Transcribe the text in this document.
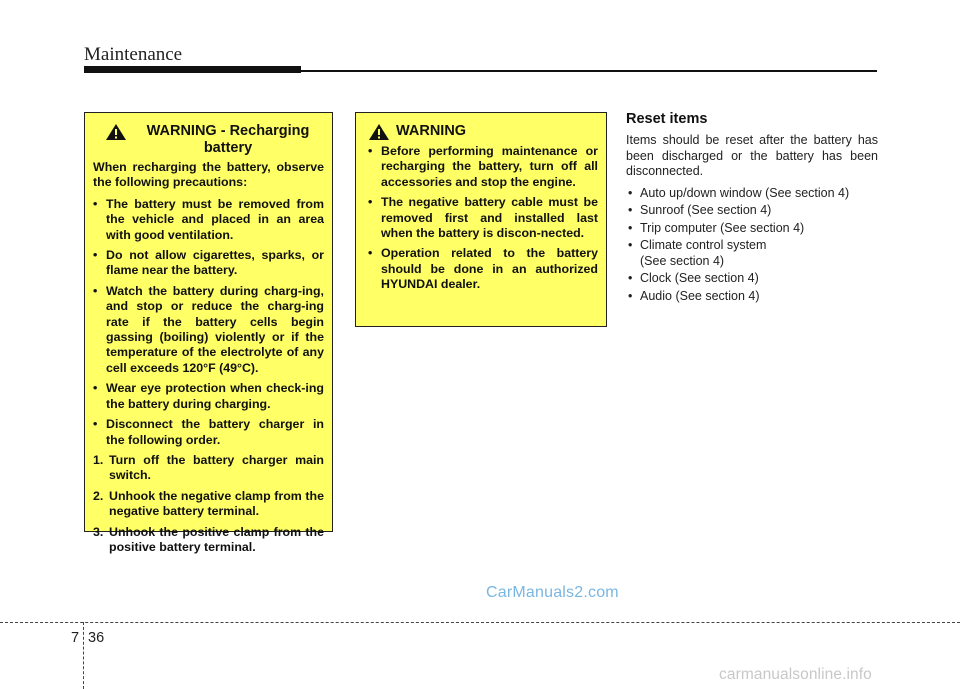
Maintenance
WARNING - Recharging
battery
When recharging the battery, observe the following precautions:
• The battery must be removed from the vehicle and placed in an area with good ventilation.
• Do not allow cigarettes, sparks, or flame near the battery.
• Watch the battery during charg-ing, and stop or reduce the charg-ing rate if the battery cells begin gassing (boiling) violently or if the temperature of the electrolyte of any cell exceeds 120°F (49°C).
• Wear eye protection when check-ing the battery during charging.
• Disconnect the battery charger in the following order.
1. Turn off the battery charger main switch.
2. Unhook the negative clamp from the negative battery terminal.
3. Unhook the positive clamp from the positive battery terminal.
WARNING
• Before performing maintenance or recharging the battery, turn off all accessories and stop the engine.
• The negative battery cable must be removed first and installed last when the battery is discon-nected.
• Operation related to the battery should be done in an authorized HYUNDAI dealer.
Reset items
Items should be reset after the battery has been discharged or the battery has been disconnected.
• Auto up/down window (See section 4)
• Sunroof (See section 4)
• Trip computer (See section 4)
• Climate control system
(See section 4)
• Clock (See section 4)
• Audio (See section 4)
CarManuals2.com
7 36
carmanualsonline.info
